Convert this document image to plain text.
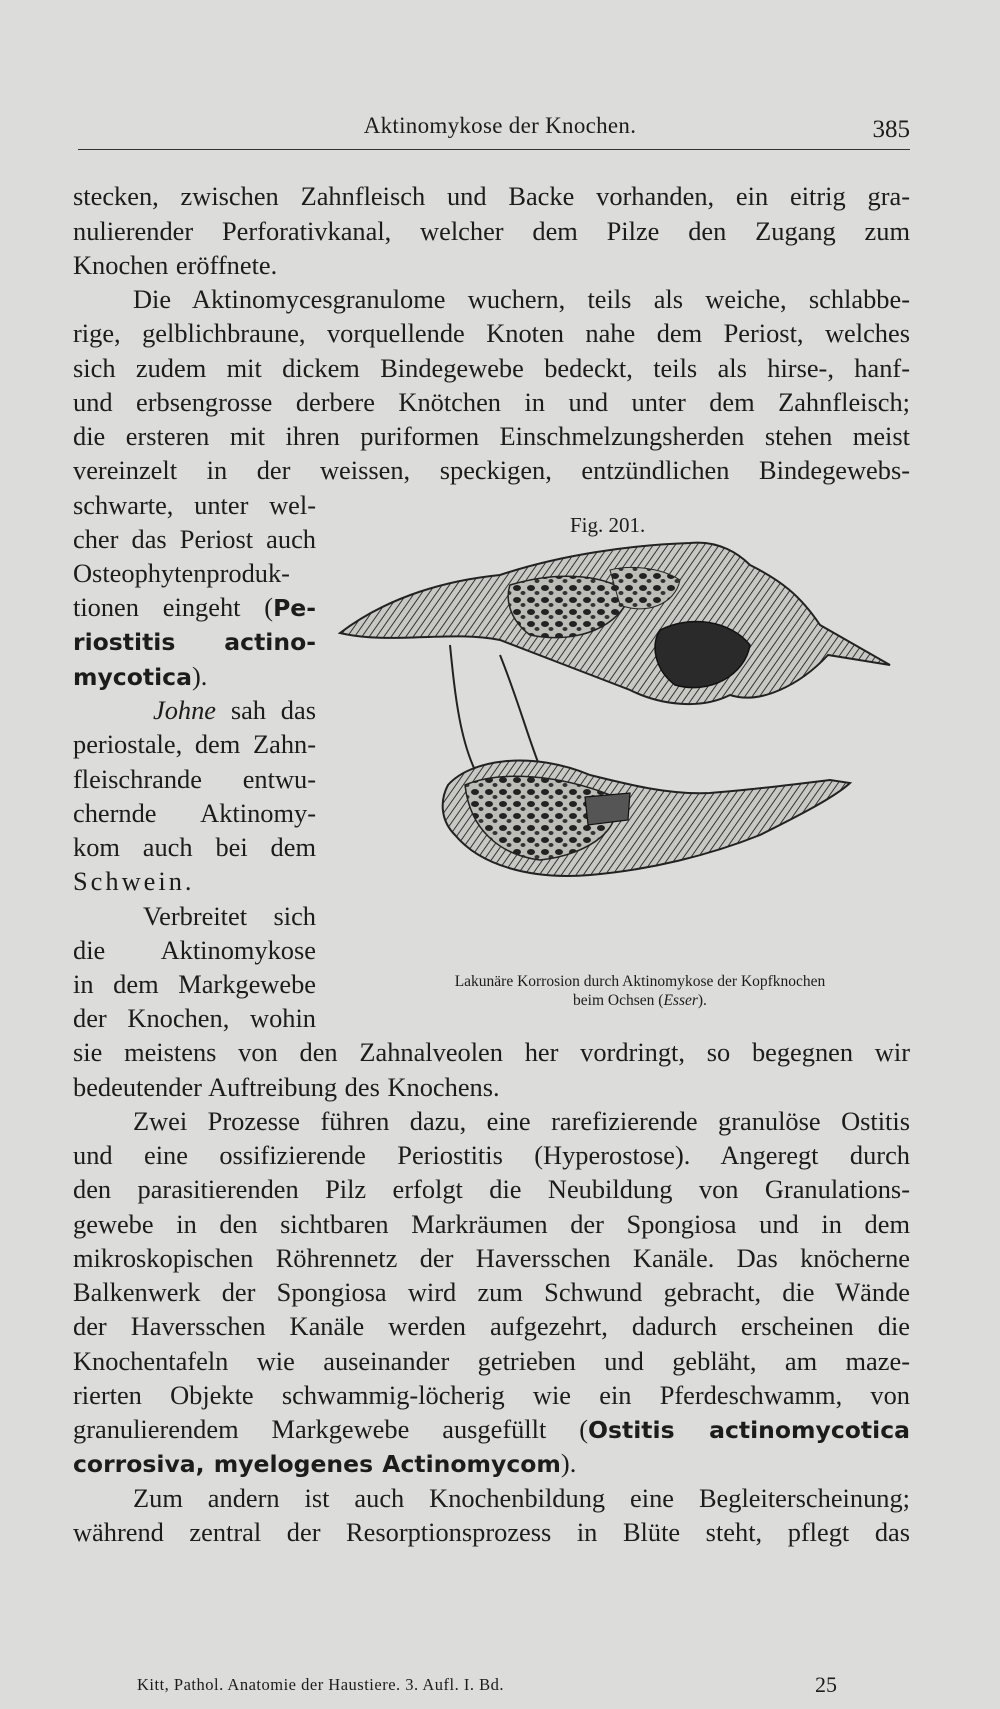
Aktinomykose der Knochen.	385
stecken, zwischen Zahnfleisch und Backe vorhanden, ein eitrig gra-
nulierender Perforativkanal, welcher dem Pilze den Zugang zum
Knochen eröffnete.
Die Aktinomycesgranulome wuchern, teils als weiche, schlabbe-
rige, gelblichbraune, vorquellende Knoten nahe dem Periost, welches
sich zudem mit dickem Bindegewebe bedeckt, teils als hirse-, hanf-
und erbsengrosse derbere Knötchen in und unter dem Zahnfleisch;
die ersteren mit ihren puriformen Einschmelzungsherden stehen meist
vereinzelt in der weissen, speckigen, entzündlichen Bindegewebs-
schwarte, unter wel-
cher das Periost auch
Osteophytenproduk-
tionen eingeht (Pe-
riostitis actino-
mycotica).
Johne sah das
periostale, dem Zahn-
fleischrande entwu-
chernde Aktinomy-
kom auch bei dem
Schwein.
Verbreitet sich
die Aktinomykose
in dem Markgewebe
der Knochen, wohin
Fig. 201.
Lakunäre Korrosion durch Aktinomykose der Kopfknochen
beim Ochsen (Esser).
sie meistens von den Zahnalveolen her vordringt, so begegnen wir
bedeutender Auftreibung des Knochens.
Zwei Prozesse führen dazu, eine rarefizierende granulöse Ostitis
und eine ossifizierende Periostitis (Hyperostose). Angeregt durch
den parasitierenden Pilz erfolgt die Neubildung von Granulations-
gewebe in den sichtbaren Markräumen der Spongiosa und in dem
mikroskopischen Röhrennetz der Haversschen Kanäle. Das knöcherne
Balkenwerk der Spongiosa wird zum Schwund gebracht, die Wände
der Haversschen Kanäle werden aufgezehrt, dadurch erscheinen die
Knochentafeln wie auseinander getrieben und gebläht, am maze-
rierten Objekte schwammig-löcherig wie ein Pferdeschwamm, von
granulierendem Markgewebe ausgefüllt (Ostitis actinomycotica
corrosiva, myelogenes Actinomycom).
Zum andern ist auch Knochenbildung eine Begleiterscheinung;
während zentral der Resorptionsprozess in Blüte steht, pflegt das
Kitt, Pathol. Anatomie der Haustiere. 3. Aufl. I. Bd.	25
